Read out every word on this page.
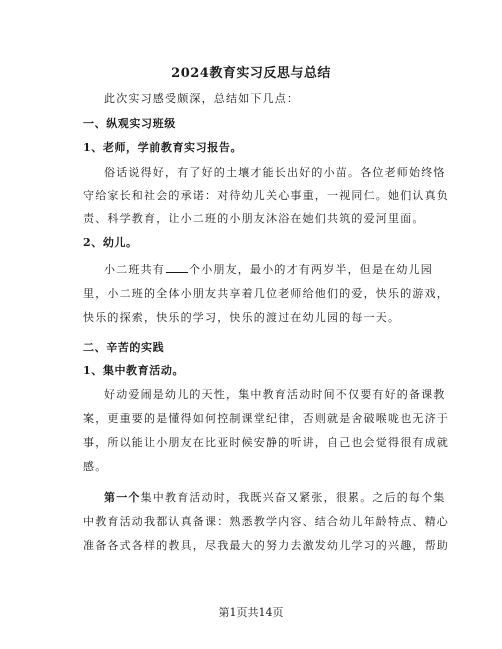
2024教育实习反思与总结
此次实习感受颇深，总结如下几点：
一、纵观实习班级
1、老师，学前教育实习报告。
俗话说得好，有了好的土壤才能长出好的小苗。各位老师始终恪
守给家长和社会的承诺：对待幼儿关心事重，一视同仁。她们认真负
责、科学教育，让小二班的小朋友沐浴在她们共筑的爱河里面。
2、幼儿。
小二班共有 个小朋友，最小的才有两岁半，但是在幼儿园
里，小二班的全体小朋友共享着几位老师给他们的爱，快乐的游戏，
快乐的探索，快乐的学习，快乐的渡过在幼儿园的每一天。
二、辛苦的实践
1、集中教育活动。
好动爱闹是幼儿的天性，集中教育活动时间不仅要有好的备课教
案，更重要的是懂得如何控制课堂纪律，否则就是舍破喉咙也无济于
事，所以能让小朋友在比亚时候安静的听讲，自己也会觉得很有成就
感。
第一个集中教育活动时，我既兴奋又紧张，很累。之后的每个集
中教育活动我都认真备课：熟悉教学内容、结合幼儿年龄特点、精心
准备各式各样的教具，尽我最大的努力去激发幼儿学习的兴趣，帮助
第1页共14页
